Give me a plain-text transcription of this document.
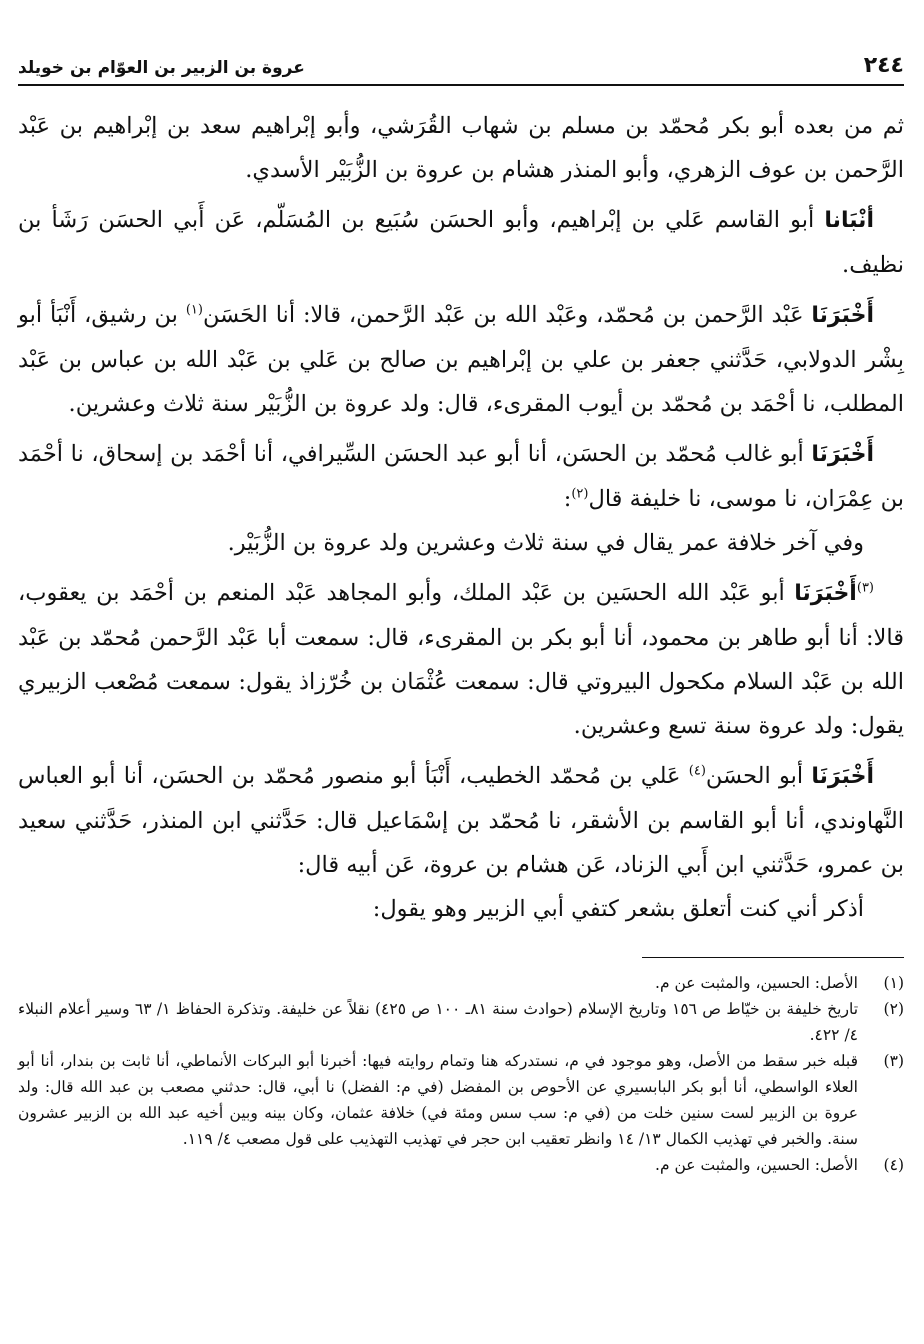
٢٤٤
عروة بن الزبير بن العوّام بن خويلد

ثم من بعده أبو بكر مُحمّد بن مسلم بن شهاب القُرَشي، وأبو إبْراهيم سعد بن إبْراهيم بن عَبْد الرَّحمن بن عوف الزهري، وأبو المنذر هشام بن عروة بن الزُّبَيْر الأسدي.

أنْبَانا أبو القاسم عَلي بن إبْراهيم، وأبو الحسَن سُبَيع بن المُسَلّم، عَن أَبي الحسَن رَشَأ بن نظيف.

أَخْبَرَنَا عَبْد الرَّحمن بن مُحمّد، وعَبْد الله بن عَبْد الرَّحمن، قالا: أنا الحَسَن$^{(١)}$ بن رشيق، أَنْبَأ أبو بِشْر الدولابي، حَدَّثني جعفر بن علي بن إبْراهيم بن صالح بن عَلي بن عَبْد الله بن عباس بن عَبْد المطلب، نا أحْمَد بن مُحمّد بن أيوب المقرىء، قال: ولد عروة بن الزُّبَيْر سنة ثلاث وعشرين.

أَخْبَرَنَا أبو غالب مُحمّد بن الحسَن، أنا أبو عبد الحسَن السِّيرافي، أنا أحْمَد بن إسحاق، نا أحْمَد بن عِمْرَان، نا موسى، نا خليفة قال$^{(٢)}$:

وفي آخر خلافة عمر يقال في سنة ثلاث وعشرين ولد عروة بن الزُّبَيْر.

$^{(٣)}$أَخْبَرَنَا أبو عَبْد الله الحسَين بن عَبْد الملك، وأبو المجاهد عَبْد المنعم بن أحْمَد بن يعقوب، قالا: أنا أبو طاهر بن محمود، أنا أبو بكر بن المقرىء، قال: سمعت أبا عَبْد الرَّحمن مُحمّد بن عَبْد الله بن عَبْد السلام مكحول البيروتي قال: سمعت عُثْمَان بن خُرّزاذ يقول: سمعت مُصْعب الزبيري يقول: ولد عروة سنة تسع وعشرين.

أَخْبَرَنَا أبو الحسَن$^{(٤)}$ عَلي بن مُحمّد الخطيب، أَنْبَأ أبو منصور مُحمّد بن الحسَن، أنا أبو العباس النَّهاوندي، أنا أبو القاسم بن الأشقر، نا مُحمّد بن إسْمَاعيل قال: حَدَّثني ابن المنذر، حَدَّثني سعيد بن عمرو، حَدَّثني ابن أَبي الزناد، عَن هشام بن عروة، عَن أبيه قال:

أذكر أني كنت أتعلق بشعر كتفي أبي الزبير وهو يقول:

(١)
الأصل: الحسين، والمثبت عن م.
(٢)
تاريخ خليفة بن خيّاط ص ١٥٦ وتاريخ الإسلام (حوادث سنة ٨١ـ ١٠٠ ص ٤٢٥) نقلاً عن خليفة. وتذكرة الحفاظ ١/ ٦٣ وسير أعلام النبلاء ٤/ ٤٢٢.
(٣)
قبله خبر سقط من الأصل، وهو موجود في م، نستدركه هنا وتمام روايته فيها: أخبرنا أبو البركات الأنماطي، أنا ثابت بن بندار، أنا أبو العلاء الواسطي، أنا أبو بكر البابسيري عن الأحوص بن المفضل (في م: الفضل) نا أبي، قال: حدثني مصعب بن عبد الله قال: ولد عروة بن الزبير لست سنين خلت من (في م: سب سس ومئة في) خلافة عثمان، وكان بينه وبين أخيه عبد الله بن الزبير عشرون سنة. والخبر في تهذيب الكمال ١٣/ ١٤ وانظر تعقيب ابن حجر في تهذيب التهذيب على قول مصعب ٤/ ١١٩.
(٤)
الأصل: الحسين، والمثبت عن م.
